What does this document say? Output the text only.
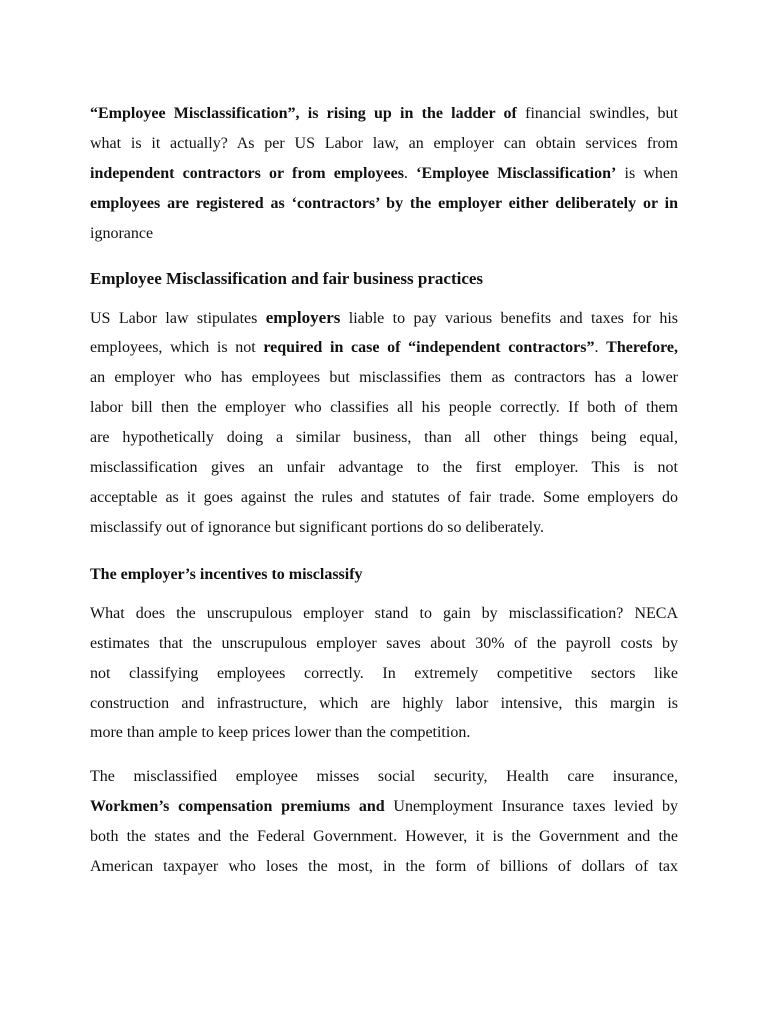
“Employee Misclassification”, is rising up in the ladder of financial swindles, but
what is it actually? As per US Labor law, an employer can obtain services from
independent contractors or from employees. ‘Employee Misclassification’ is when
employees are registered as ‘contractors’ by the employer either deliberately or in
ignorance

Employee Misclassification and fair business practices

US Labor law stipulates employers liable to pay various benefits and taxes for his
employees, which is not required in case of “independent contractors”. Therefore,
an employer who has employees but misclassifies them as contractors has a lower
labor bill then the employer who classifies all his people correctly. If both of them
are hypothetically doing a similar business, than all other things being equal,
misclassification gives an unfair advantage to the first employer. This is not
acceptable as it goes against the rules and statutes of fair trade. Some employers do
misclassify out of ignorance but significant portions do so deliberately.

The employer’s incentives to misclassify

What does the unscrupulous employer stand to gain by misclassification? NECA
estimates that the unscrupulous employer saves about 30% of the payroll costs by
not classifying employees correctly. In extremely competitive sectors like
construction and infrastructure, which are highly labor intensive, this margin is
more than ample to keep prices lower than the competition.

The misclassified employee misses social security, Health care insurance,
Workmen’s compensation premiums and Unemployment Insurance taxes levied by
both the states and the Federal Government. However, it is the Government and the
American taxpayer who loses the most, in the form of billions of dollars of tax
